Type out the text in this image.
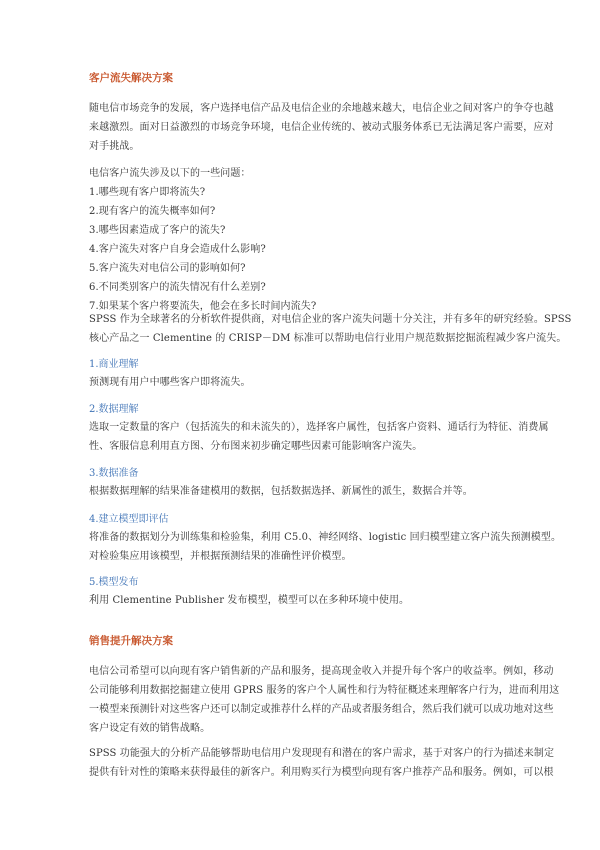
客户流失解决方案
随电信市场竞争的发展，客户选择电信产品及电信企业的余地越来越大，电信企业之间对客户的争夺也越
来越激烈。面对日益激烈的市场竞争环境，电信企业传统的、被动式服务体系已无法满足客户需要，应对
对手挑战。
电信客户流失涉及以下的一些问题：
1.哪些现有客户即将流失?
2.现有客户的流失概率如何?
3.哪些因素造成了客户的流失?
4.客户流失对客户自身会造成什么影响?
5.客户流失对电信公司的影响如何?
6.不同类别客户的流失情况有什么差别?
7.如果某个客户将要流失，他会在多长时间内流失?
SPSS 作为全球著名的分析软件提供商，对电信企业的客户流失问题十分关注，并有多年的研究经验。SPSS
核心产品之一 Clementine 的 CRISP－DM 标准可以帮助电信行业用户规范数据挖掘流程减少客户流失。
1.商业理解
预测现有用户中哪些客户即将流失。
2.数据理解
选取一定数量的客户（包括流失的和未流失的），选择客户属性，包括客户资料、通话行为特征、消费属
性、客服信息利用直方图、分布图来初步确定哪些因素可能影响客户流失。
3.数据准备
根据数据理解的结果准备建模用的数据，包括数据选择、新属性的派生，数据合并等。
4.建立模型即评估
将准备的数据划分为训练集和检验集，利用 C5.0、神经网络、logistic 回归模型建立客户流失预测模型。
对检验集应用该模型，并根据预测结果的准确性评价模型。
5.模型发布
利用 Clementine Publisher 发布模型，模型可以在多种环境中使用。
销售提升解决方案
电信公司希望可以向现有客户销售新的产品和服务，提高现金收入并提升每个客户的收益率。例如，移动
公司能够利用数据挖掘建立使用 GPRS 服务的客户个人属性和行为特征概述来理解客户行为，进而利用这
一模型来预测针对这些客户还可以制定或推荐什么样的产品或者服务组合，然后我们就可以成功地对这些
客户设定有效的销售战略。
SPSS 功能强大的分析产品能够帮助电信用户发现现有和潜在的客户需求，基于对客户的行为描述来制定
提供有针对性的策略来获得最佳的新客户。利用购买行为模型向现有客户推荐产品和服务。例如，可以根
